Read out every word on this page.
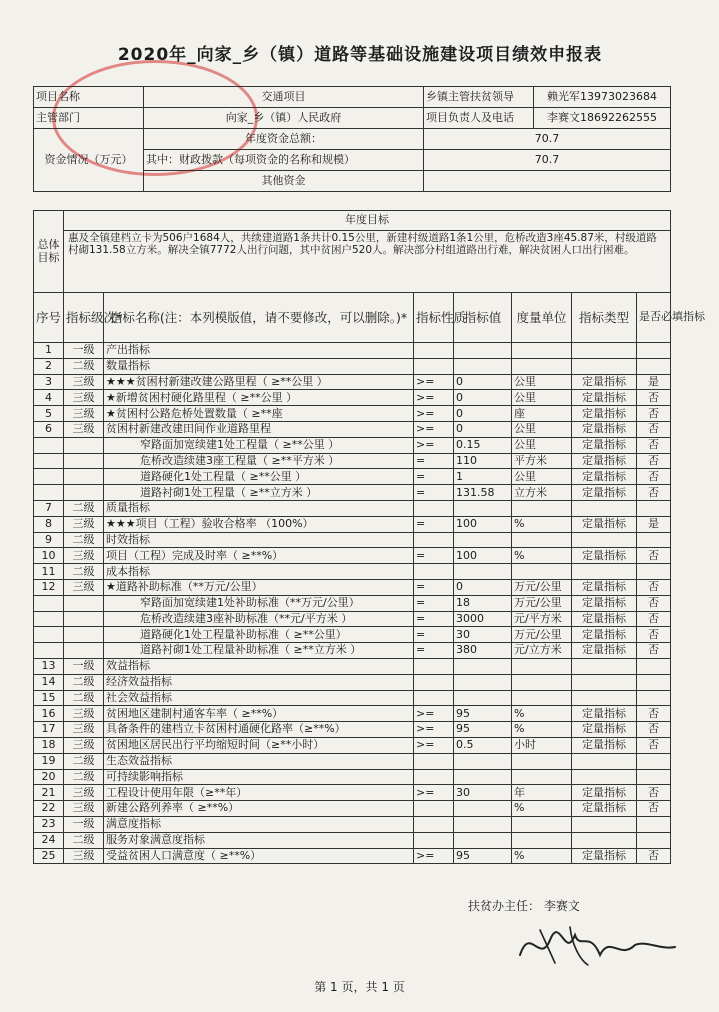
2020年_向家_乡（镇）道路等基础设施建设项目绩效申报表
项目名称	交通项目	乡镇主管扶贫领导	赖光军13973023684
主管部门	向家_乡（镇）人民政府	项目负责人及电话	李赛文18692262555
资金情况（万元）	年度资金总额：	70.7	
	其中：财政拨款（每项资金的名称和规模）	70.7	
	其他资金		
总体目标	年度目标
惠及全镇建档立卡为506户1684人，共续建道路1条共计0.15公里，新建村级道路1条1公里，危桥改造3座45.87米，村级道路村砌131.58立方米。解决全镇7772人出行问题，其中贫困户520人。解决部分村组道路出行难，解决贫困人口出行困难。
序号	指标级次*	指标名称(注：本列模版值，请不要修改，可以删除。)*	指标性质	指标值	度量单位	指标类型	是否必填指标
1	一级	产出指标					
2	二级	数量指标					
3	三级	★★★贫困村新建改建公路里程（ ≥**公里 ）	>=	0	公里	定量指标	是
4	三级	★新增贫困村硬化路里程（ ≥**公里 ）	>=	0	公里	定量指标	否
5	三级	★贫困村公路危桥处置数量（ ≥**座	>=	0	座	定量指标	否
6	三级	贫困村新建改建田间作业道路里程	>=	0	公里	定量指标	否
		窄路面加宽续建1处工程量（ ≥**公里 ）	>=	0.15	公里	定量指标	否
		危桥改造续建3座工程量（ ≥**平方米 ）	=	110	平方米	定量指标	否
		道路硬化1处工程量（ ≥**公里 ）	=	1	公里	定量指标	否
		道路衬砌1处工程量（ ≥**立方米 ）	=	131.58	立方米	定量指标	否
7	二级	质量指标					
8	三级	★★★项目（工程）验收合格率 （100%）	=	100	%	定量指标	是
9	二级	时效指标					
10	三级	项目（工程）完成及时率（ ≥**%）	=	100	%	定量指标	否
11	二级	成本指标					
12	三级	★道路补助标准（**万元/公里）	=	0	万元/公里	定量指标	否
		窄路面加宽续建1处补助标准（**万元/公里）	=	18	万元/公里	定量指标	否
		危桥改造续建3座补助标准（**元/平方米 ）	=	3000	元/平方米	定量指标	否
		道路硬化1处工程量补助标准（ ≥**公里）	=	30	万元/公里	定量指标	否
		道路衬砌1处工程量补助标准（ ≥**立方米 ）	=	380	元/立方米	定量指标	否
13	一级	效益指标					
14	二级	经济效益指标					
15	二级	社会效益指标					
16	三级	贫困地区建制村通客车率（ ≥**%）	>=	95	%	定量指标	否
17	三级	具备条件的建档立卡贫困村通硬化路率（≥**%）	>=	95	%	定量指标	否
18	三级	贫困地区居民出行平均缩短时间（≥**小时）	>=	0.5	小时	定量指标	否
19	二级	生态效益指标					
20	二级	可持续影响指标					
21	三级	工程设计使用年限（≥**年）	>=	30	年	定量指标	否
22	三级	新建公路列养率（ ≥**%）			%	定量指标	否
23	一级	满意度指标					
24	二级	服务对象满意度指标					
25	三级	受益贫困人口满意度（ ≥**%）	>=	95	%	定量指标	否
扶贫办主任： 李赛文
第 1 页，共 1 页
